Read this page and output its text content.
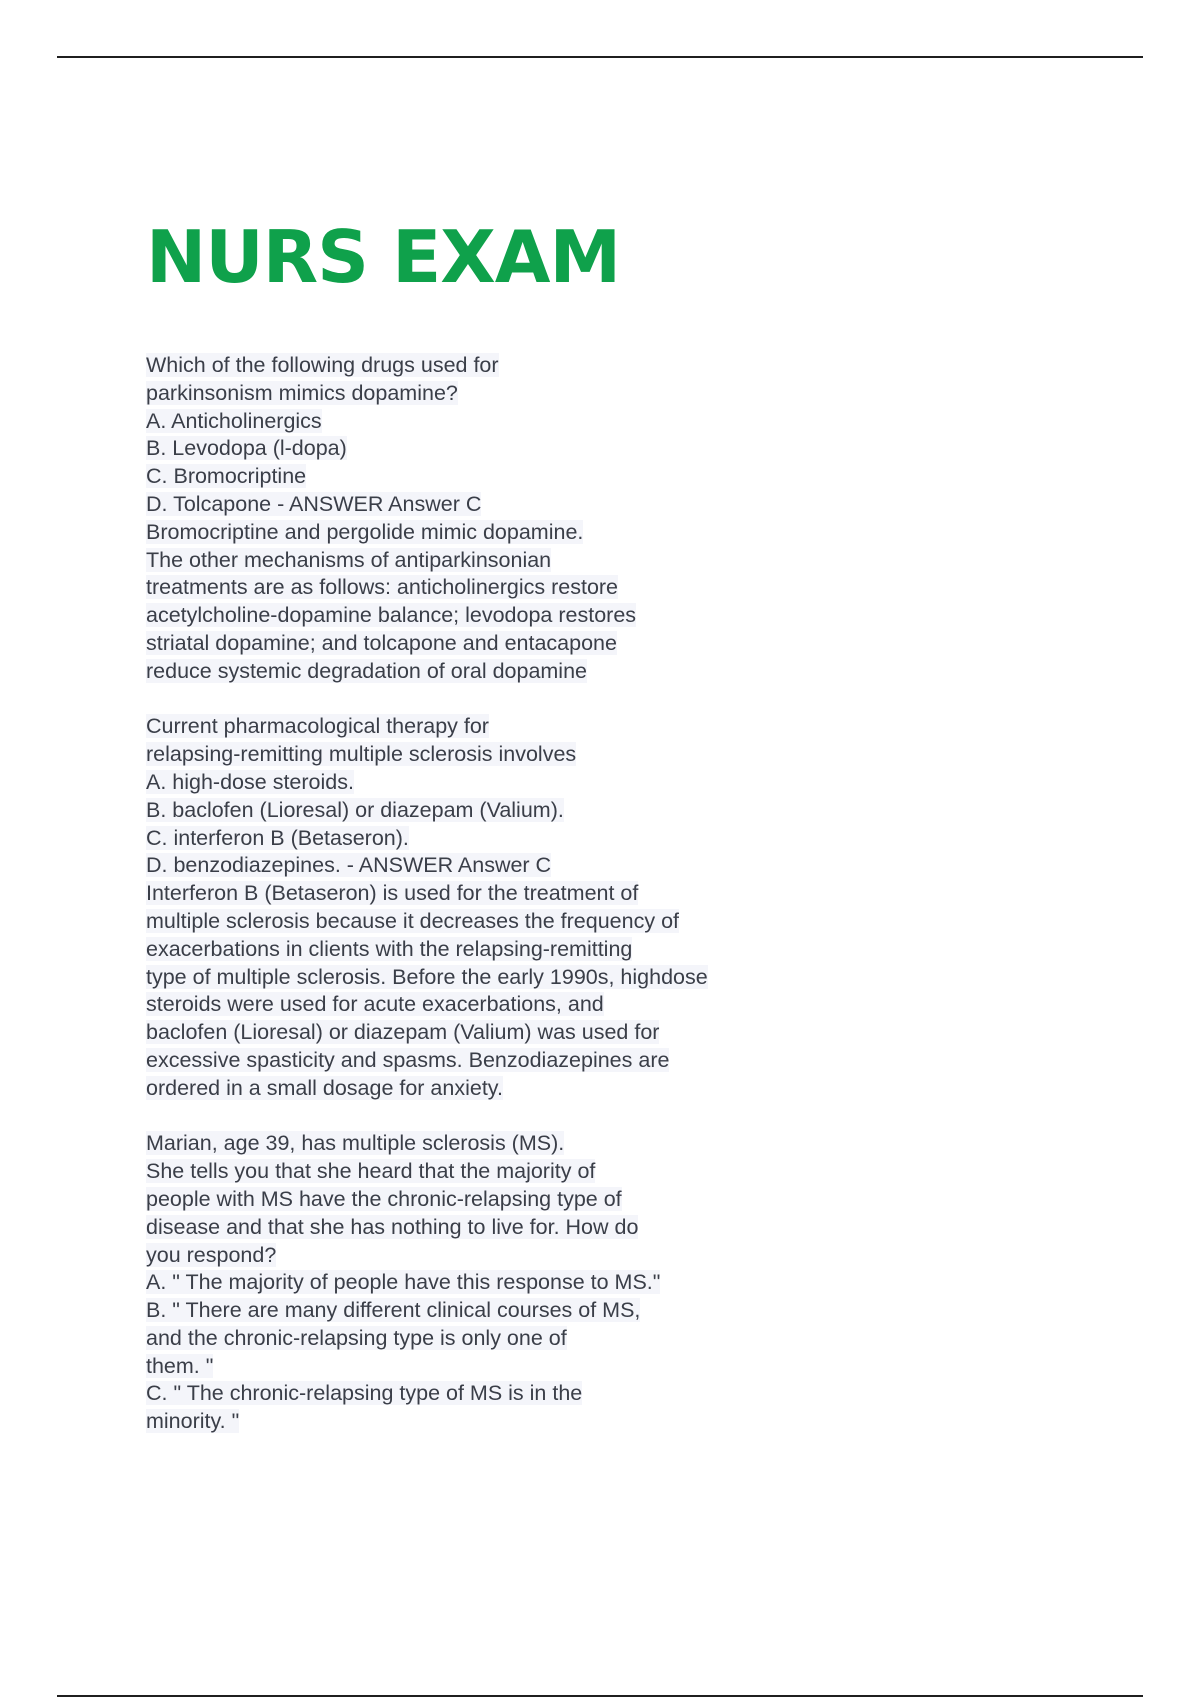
NURS EXAM
Which of the following drugs used for
parkinsonism mimics dopamine?
A. Anticholinergics
B. Levodopa (l-dopa)
C. Bromocriptine
D. Tolcapone - ANSWER Answer C
Bromocriptine and pergolide mimic dopamine.
The other mechanisms of antiparkinsonian
treatments are as follows: anticholinergics restore
acetylcholine-dopamine balance; levodopa restores
striatal dopamine; and tolcapone and entacapone
reduce systemic degradation of oral dopamine
Current pharmacological therapy for
relapsing-remitting multiple sclerosis involves
A. high-dose steroids.
B. baclofen (Lioresal) or diazepam (Valium).
C. interferon B (Betaseron).
D. benzodiazepines. - ANSWER Answer C
Interferon B (Betaseron) is used for the treatment of
multiple sclerosis because it decreases the frequency of
exacerbations in clients with the relapsing-remitting
type of multiple sclerosis. Before the early 1990s, highdose
steroids were used for acute exacerbations, and
baclofen (Lioresal) or diazepam (Valium) was used for
excessive spasticity and spasms. Benzodiazepines are
ordered in a small dosage for anxiety.
Marian, age 39, has multiple sclerosis (MS).
She tells you that she heard that the majority of
people with MS have the chronic-relapsing type of
disease and that she has nothing to live for. How do
you respond?
A. " The majority of people have this response to MS."
B. " There are many different clinical courses of MS,
and the chronic-relapsing type is only one of
them. "
C. " The chronic-relapsing type of MS is in the
minority. "
